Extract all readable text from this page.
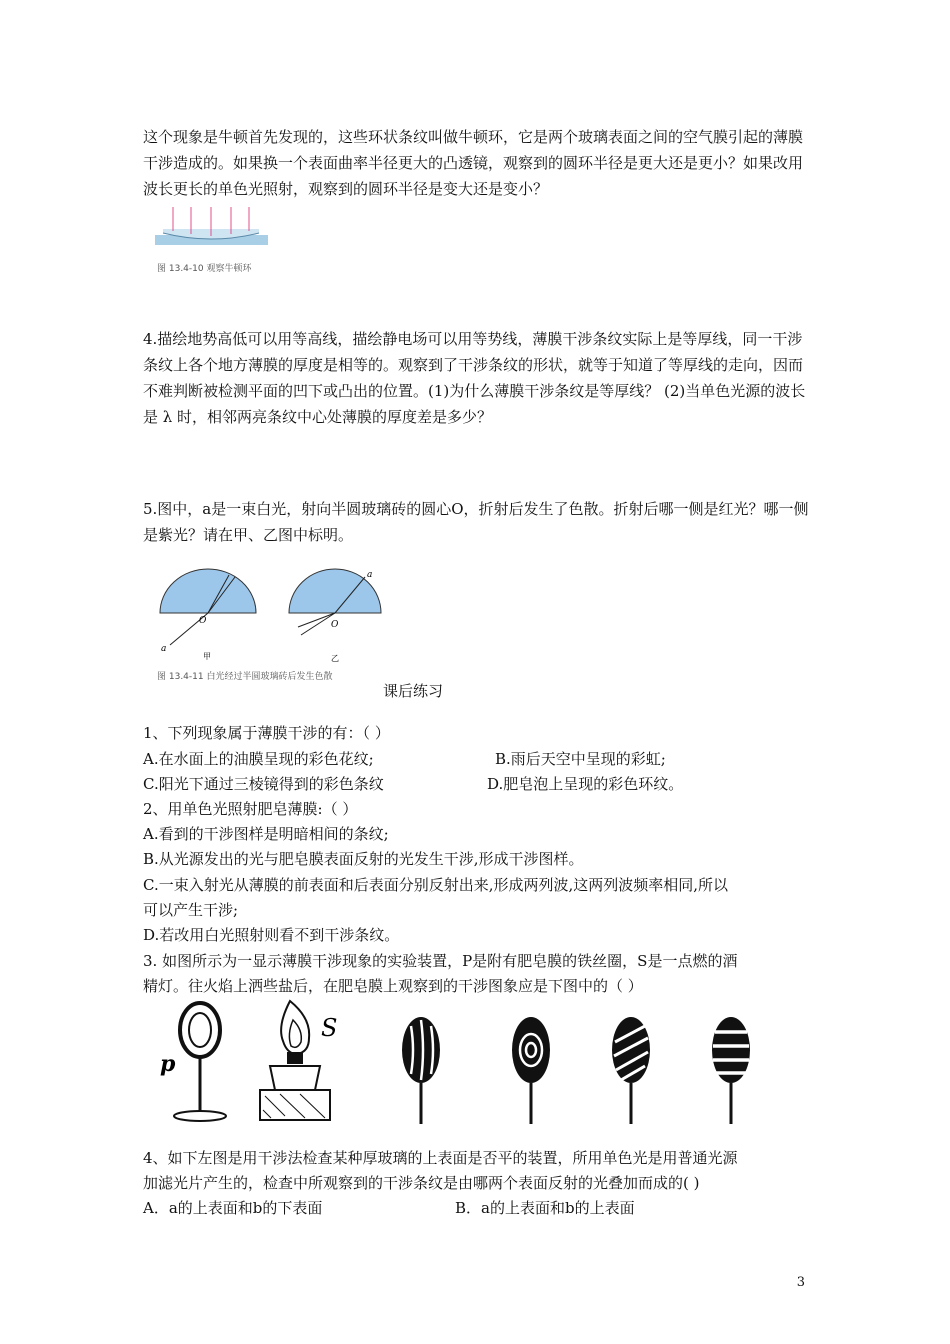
这个现象是牛顿首先发现的，这些环状条纹叫做牛顿环，它是两个玻璃表面之间的空气膜引起的薄膜干涉造成的。如果换一个表面曲率半径更大的凸透镜，观察到的圆环半径是更大还是更小？如果改用波长更长的单色光照射，观察到的圆环半径是变大还是变小？

图 13.4-10 观察牛顿环

4.描绘地势高低可以用等高线，描绘静电场可以用等势线，薄膜干涉条纹实际上是等厚线，同一干涉条纹上各个地方薄膜的厚度是相等的。观察到了干涉条纹的形状，就等于知道了等厚线的走向，因而不难判断被检测平面的凹下或凸出的位置。(1)为什么薄膜干涉条纹是等厚线？ (2)当单色光源的波长是 λ 时，相邻两亮条纹中心处薄膜的厚度差是多少？

5.图中，a是一束白光，射向半圆玻璃砖的圆心O，折射后发生了色散。折射后哪一侧是红光？哪一侧是紫光？请在甲、乙图中标明。

a
O
甲
a
O
乙
图 13.4-11 白光经过半圆玻璃砖后发生色散
课后练习
1、下列现象属于薄膜干涉的有：（ ）
A.在水面上的油膜呈现的彩色花纹;	B.雨后天空中呈现的彩虹;
C.阳光下通过三棱镜得到的彩色条纹	D.肥皂泡上呈现的彩色环纹。
2、用单色光照射肥皂薄膜:（ ）
A.看到的干涉图样是明暗相间的条纹;
B.从光源发出的光与肥皂膜表面反射的光发生干涉,形成干涉图样。
C.一束入射光从薄膜的前表面和后表面分别反射出来,形成两列波,这两列波频率相同,所以
可以产生干涉;
D.若改用白光照射则看不到干涉条纹。
3. 如图所示为一显示薄膜干涉现象的实验装置，P是附有肥皂膜的铁丝圈，S是一点燃的酒
精灯。往火焰上洒些盐后，在肥皂膜上观察到的干涉图象应是下图中的（ ）
p
S
4、如下左图是用干涉法检查某种厚玻璃的上表面是否平的装置，所用单色光是用普通光源
加滤光片产生的，检查中所观察到的干涉条纹是由哪两个表面反射的光叠加而成的( )
A．a的上表面和b的下表面	B．a的上表面和b的上表面
3
